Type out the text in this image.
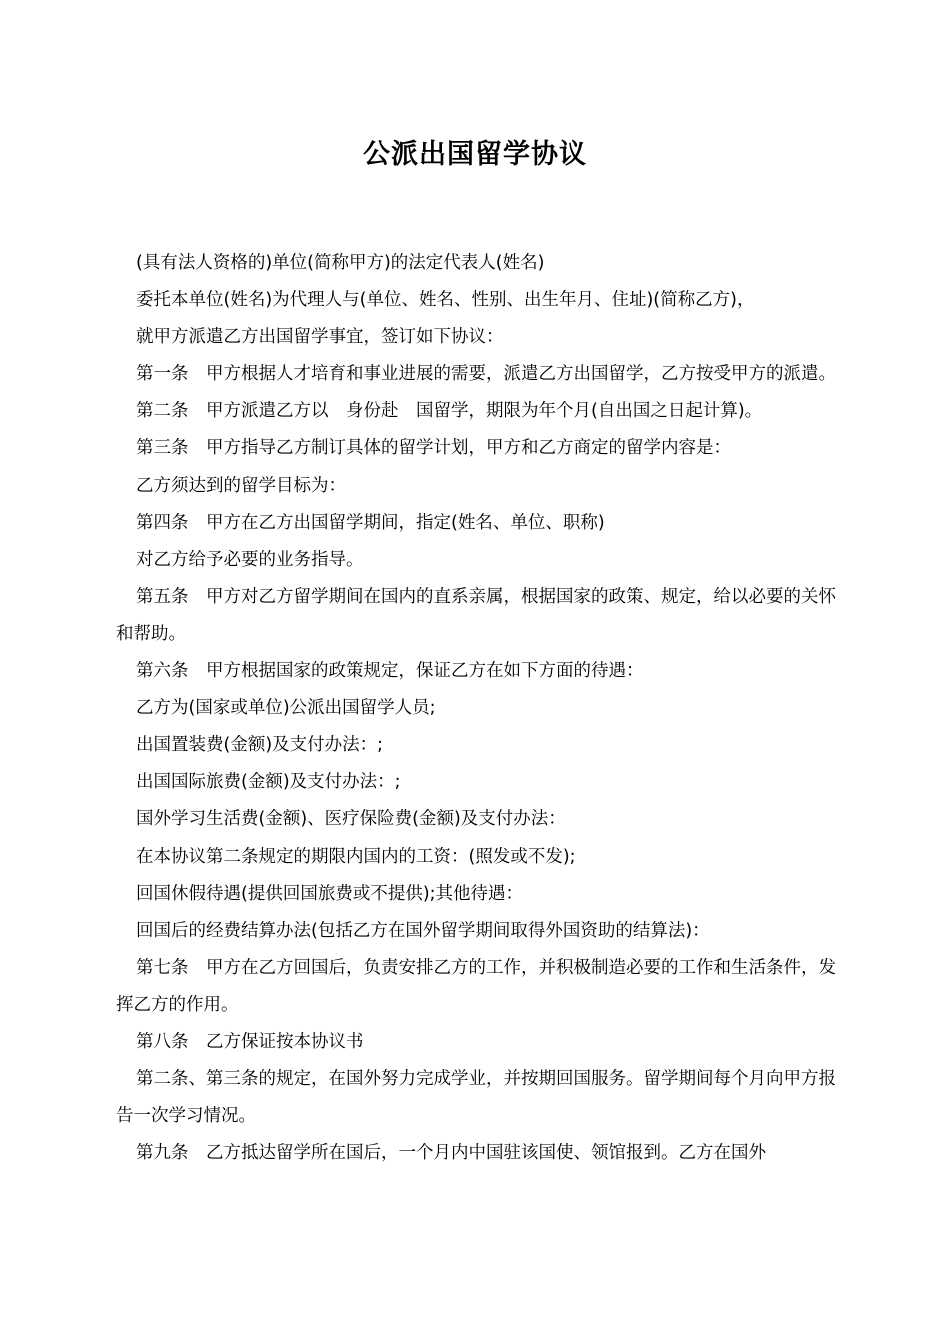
公派出国留学协议

(具有法人资格的)单位(简称甲方)的法定代表人(姓名)

委托本单位(姓名)为代理人与(单位、姓名、性别、出生年月、住址)(简称乙方)，

就甲方派遣乙方出国留学事宜，签订如下协议：

第一条　甲方根据人才培育和事业进展的需要，派遣乙方出国留学，乙方按受甲方的派遣。

第二条　甲方派遣乙方以　身份赴　国留学，期限为年个月(自出国之日起计算)。

第三条　甲方指导乙方制订具体的留学计划，甲方和乙方商定的留学内容是：

乙方须达到的留学目标为：

第四条　甲方在乙方出国留学期间，指定(姓名、单位、职称)

对乙方给予必要的业务指导。

第五条　甲方对乙方留学期间在国内的直系亲属，根据国家的政策、规定，给以必要的关怀和帮助。

第六条　甲方根据国家的政策规定，保证乙方在如下方面的待遇：

乙方为(国家或单位)公派出国留学人员;

出国置装费(金额)及支付办法：;

出国国际旅费(金额)及支付办法：;

国外学习生活费(金额)、医疗保险费(金额)及支付办法：

在本协议第二条规定的期限内国内的工资：(照发或不发);

回国休假待遇(提供回国旅费或不提供);其他待遇：

回国后的经费结算办法(包括乙方在国外留学期间取得外国资助的结算法)：

第七条　甲方在乙方回国后，负责安排乙方的工作，并积极制造必要的工作和生活条件，发挥乙方的作用。

第八条　乙方保证按本协议书

第二条、第三条的规定，在国外努力完成学业，并按期回国服务。留学期间每个月向甲方报告一次学习情况。

第九条　乙方抵达留学所在国后，一个月内中国驻该国使、领馆报到。乙方在国外
